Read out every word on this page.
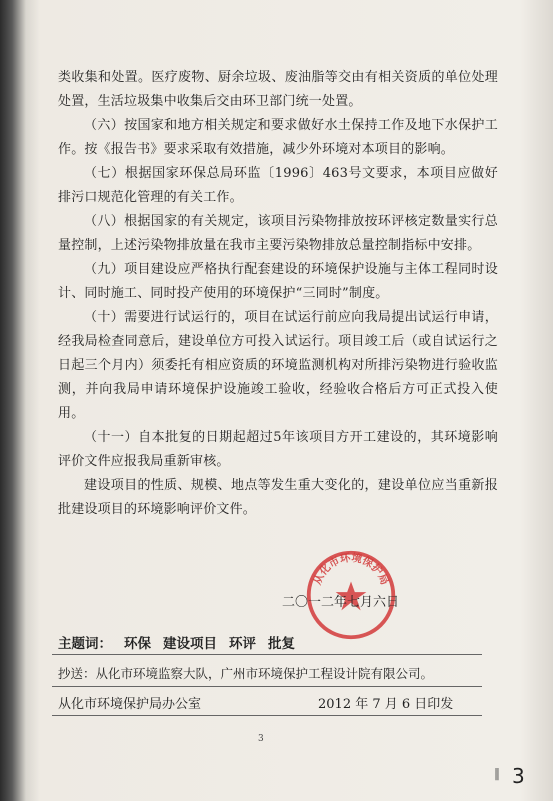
类收集和处置。医疗废物、厨余垃圾、废油脂等交由有相关资质的单位处理处置，生活垃圾集中收集后交由环卫部门统一处置。

（六）按国家和地方相关规定和要求做好水土保持工作及地下水保护工作。按《报告书》要求采取有效措施，减少外环境对本项目的影响。

（七）根据国家环保总局环监〔1996〕463号文要求，本项目应做好排污口规范化管理的有关工作。

（八）根据国家的有关规定，该项目污染物排放按环评核定数量实行总量控制，上述污染物排放量在我市主要污染物排放总量控制指标中安排。

（九）项目建设应严格执行配套建设的环境保护设施与主体工程同时设计、同时施工、同时投产使用的环境保护“三同时”制度。

（十）需要进行试运行的，项目在试运行前应向我局提出试运行申请，经我局检查同意后，建设单位方可投入试运行。项目竣工后（或自试运行之日起三个月内）须委托有相应资质的环境监测机构对所排污染物进行验收监测，并向我局申请环境保护设施竣工验收，经验收合格后方可正式投入使用。

（十一）自本批复的日期起超过5年该项目方开工建设的，其环境影响评价文件应报我局重新审核。

建设项目的性质、规模、地点等发生重大变化的，建设单位应当重新报批建设项目的环境影响评价文件。

从化市环境保护局
二〇一二年七月六日
主题词： 环保 建设项目 环评 批复
抄送：从化市环境监察大队，广州市环境保护工程设计院有限公司。
从化市环境保护局办公室	2012 年 7 月 6 日印发
3
‖ 3
